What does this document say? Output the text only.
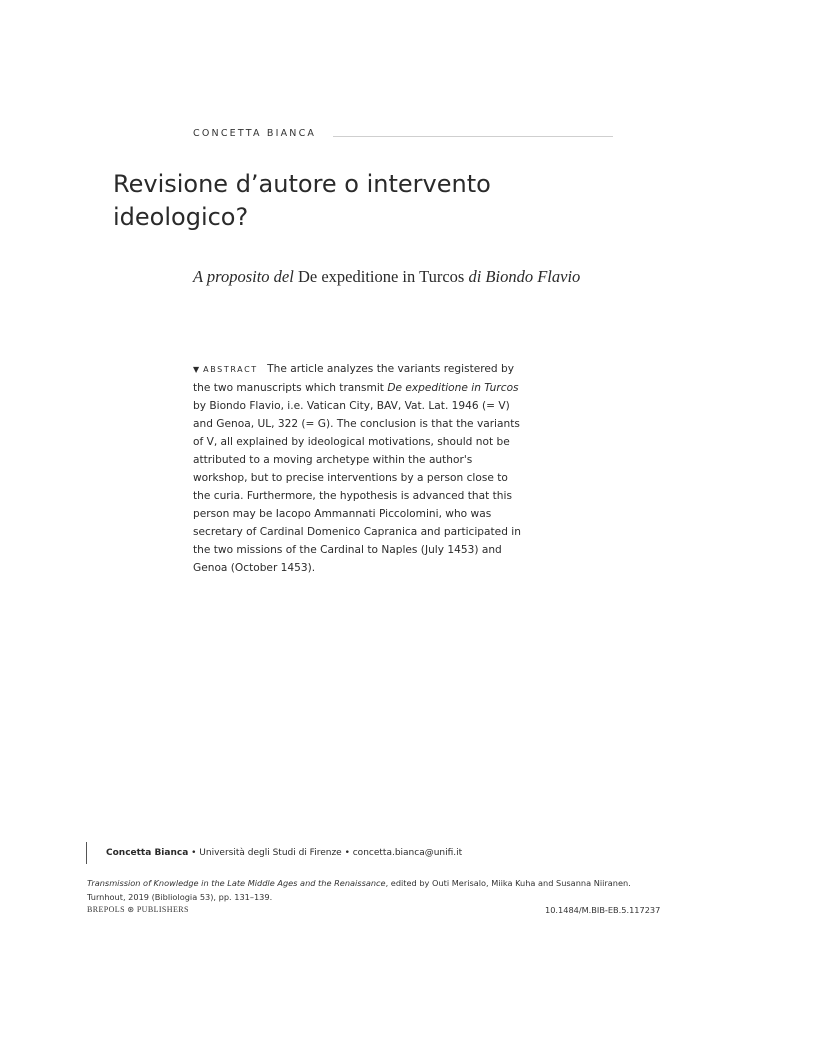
CONCETTA BIANCA
Revisione d’autore o intervento
ideologico?
A proposito del De expeditione in Turcos di Biondo Flavio

▼ ABSTRACT The article analyzes the variants registered by the two manuscripts which transmit De expeditione in Turcos by Biondo Flavio, i.e. Vatican City, BAV, Vat. Lat. 1946 (= V) and Genoa, UL, 322 (= G). The conclusion is that the variants of V, all explained by ideological motivations, should not be attributed to a moving archetype within the author's workshop, but to precise interventions by a person close to the curia. Furthermore, the hypothesis is advanced that this person may be Iacopo Ammannati Piccolomini, who was secretary of Cardinal Domenico Capranica and participated in the two missions of the Cardinal to Naples (July 1453) and Genoa (October 1453).

Concetta Bianca • Università degli Studi di Firenze • concetta.bianca@unifi.it

Transmission of Knowledge in the Late Middle Ages and the Renaissance, edited by Outi Merisalo, Miika Kuha and Susanna Niiranen.
Turnhout, 2019 (Bibliologia 53), pp. 131–139.

BREPOLS ⊛ PUBLISHERS	10.1484/M.BIB-EB.5.117237
